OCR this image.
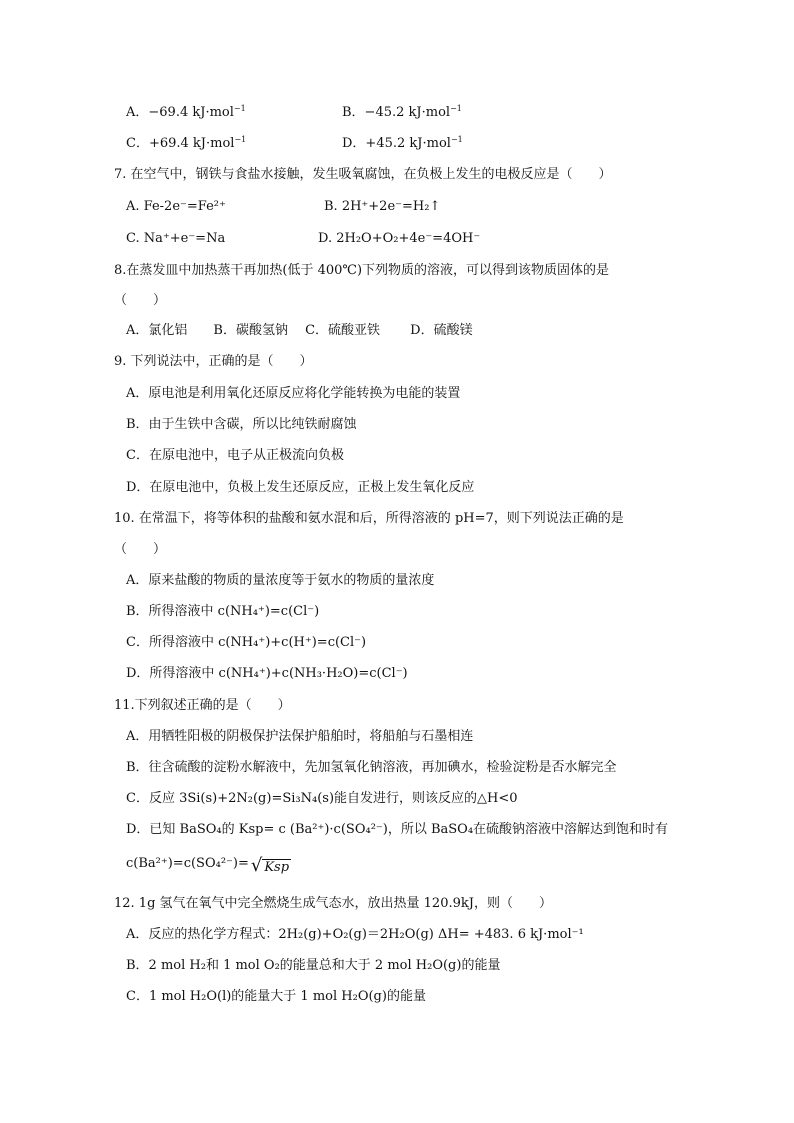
A．−69.4 kJ·mol$^{-1}$	B．−45.2 kJ·mol$^{-1}$
C．+69.4 kJ·mol$^{-1}$	D．+45.2 kJ·mol$^{-1}$
7. 在空气中，钢铁与食盐水接触，发生吸氧腐蚀，在负极上发生的电极反应是（　　）
A. Fe-2e⁻=Fe²⁺	B. 2H⁺+2e⁻=H₂↑
C. Na⁺+e⁻=Na	D. 2H₂O+O₂+4e⁻=4OH⁻
8.在蒸发皿中加热蒸干再加热(低于 400℃)下列物质的溶液，可以得到该物质固体的是
（　　）
A．氯化铝　　B．碳酸氢钠　 C．硫酸亚铁　　 D．硫酸镁
9. 下列说法中，正确的是（　　）
A．原电池是利用氧化还原反应将化学能转换为电能的装置
B．由于生铁中含碳，所以比纯铁耐腐蚀
C．在原电池中，电子从正极流向负极
D．在原电池中，负极上发生还原反应，正极上发生氧化反应
10. 在常温下，将等体积的盐酸和氨水混和后，所得溶液的 pH=7，则下列说法正确的是
（　　）
A．原来盐酸的物质的量浓度等于氨水的物质的量浓度
B．所得溶液中 c(NH₄⁺)=c(Cl⁻)
C．所得溶液中 c(NH₄⁺)+c(H⁺)=c(Cl⁻)
D．所得溶液中 c(NH₄⁺)+c(NH₃·H₂O)=c(Cl⁻)
11.下列叙述正确的是（　　）
A．用牺牲阳极的阴极保护法保护船舶时，将船舶与石墨相连
B．往含硫酸的淀粉水解液中，先加氢氧化钠溶液，再加碘水，检验淀粉是否水解完全
C．反应 3Si(s)+2N₂(g)=Si₃N₄(s)能自发进行，则该反应的△H<0
D．已知 BaSO₄的 Ksp= c (Ba²⁺)·c(SO₄²⁻)，所以 BaSO₄在硫酸钠溶液中溶解达到饱和时有
c(Ba²⁺)=c(SO₄²⁻)= √ Ksp
12. 1g 氢气在氧气中完全燃烧生成气态水，放出热量 120.9kJ，则（　　）
A．反应的热化学方程式：2H₂(g)+O₂(g)＝2H₂O(g) ΔH= +483. 6 kJ·mol⁻¹
B．2 mol H₂和 1 mol O₂的能量总和大于 2 mol H₂O(g)的能量
C．1 mol H₂O(l)的能量大于 1 mol H₂O(g)的能量
